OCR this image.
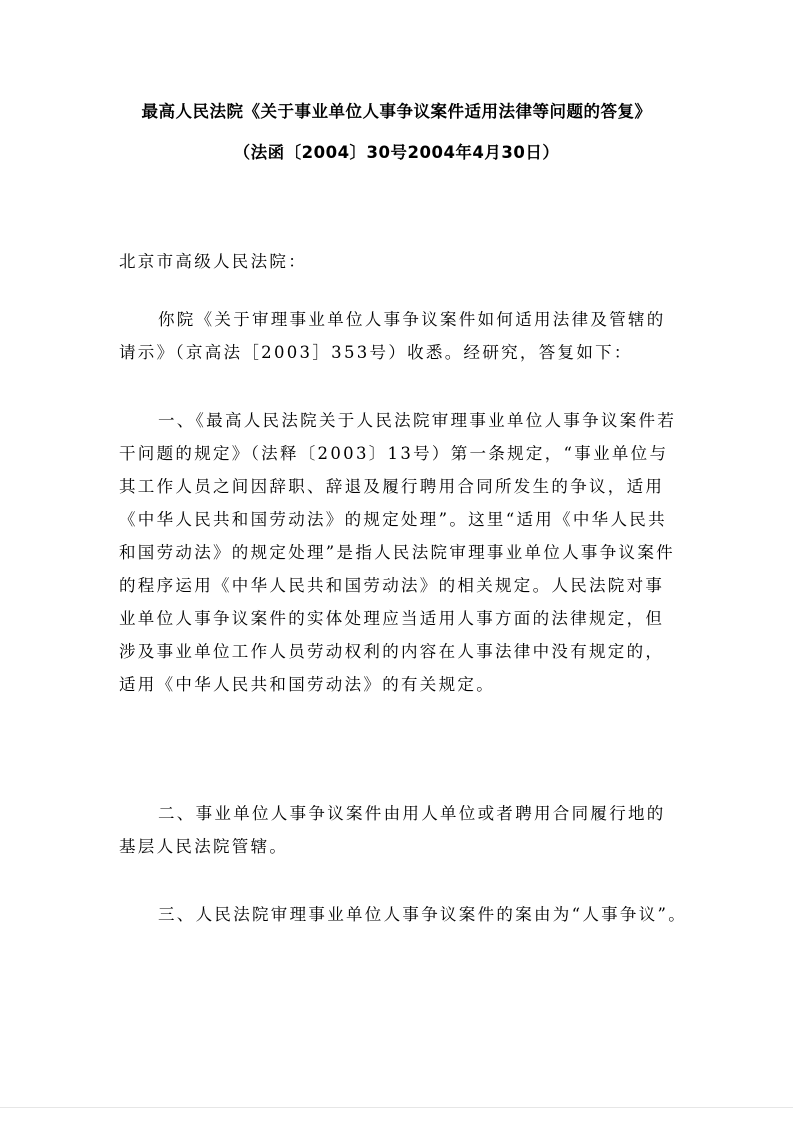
最高人民法院《关于事业单位人事争议案件适用法律等问题的答复》
（法函〔2004〕30号2004年4月30日）
北京市高级人民法院：
你院《关于审理事业单位人事争议案件如何适用法律及管辖的请示》（京高法［2003］353号）收悉。经研究，答复如下：
一、《最高人民法院关于人民法院审理事业单位人事争议案件若干问题的规定》（法释〔2003〕13号）第一条规定，“事业单位与其工作人员之间因辞职、辞退及履行聘用合同所发生的争议，适用《中华人民共和国劳动法》的规定处理”。这里“适用《中华人民共和国劳动法》的规定处理”是指人民法院审理事业单位人事争议案件的程序运用《中华人民共和国劳动法》的相关规定。人民法院对事业单位人事争议案件的实体处理应当适用人事方面的法律规定，但涉及事业单位工作人员劳动权利的内容在人事法律中没有规定的，适用《中华人民共和国劳动法》的有关规定。
二、事业单位人事争议案件由用人单位或者聘用合同履行地的基层人民法院管辖。
三、人民法院审理事业单位人事争议案件的案由为“人事争议”。
